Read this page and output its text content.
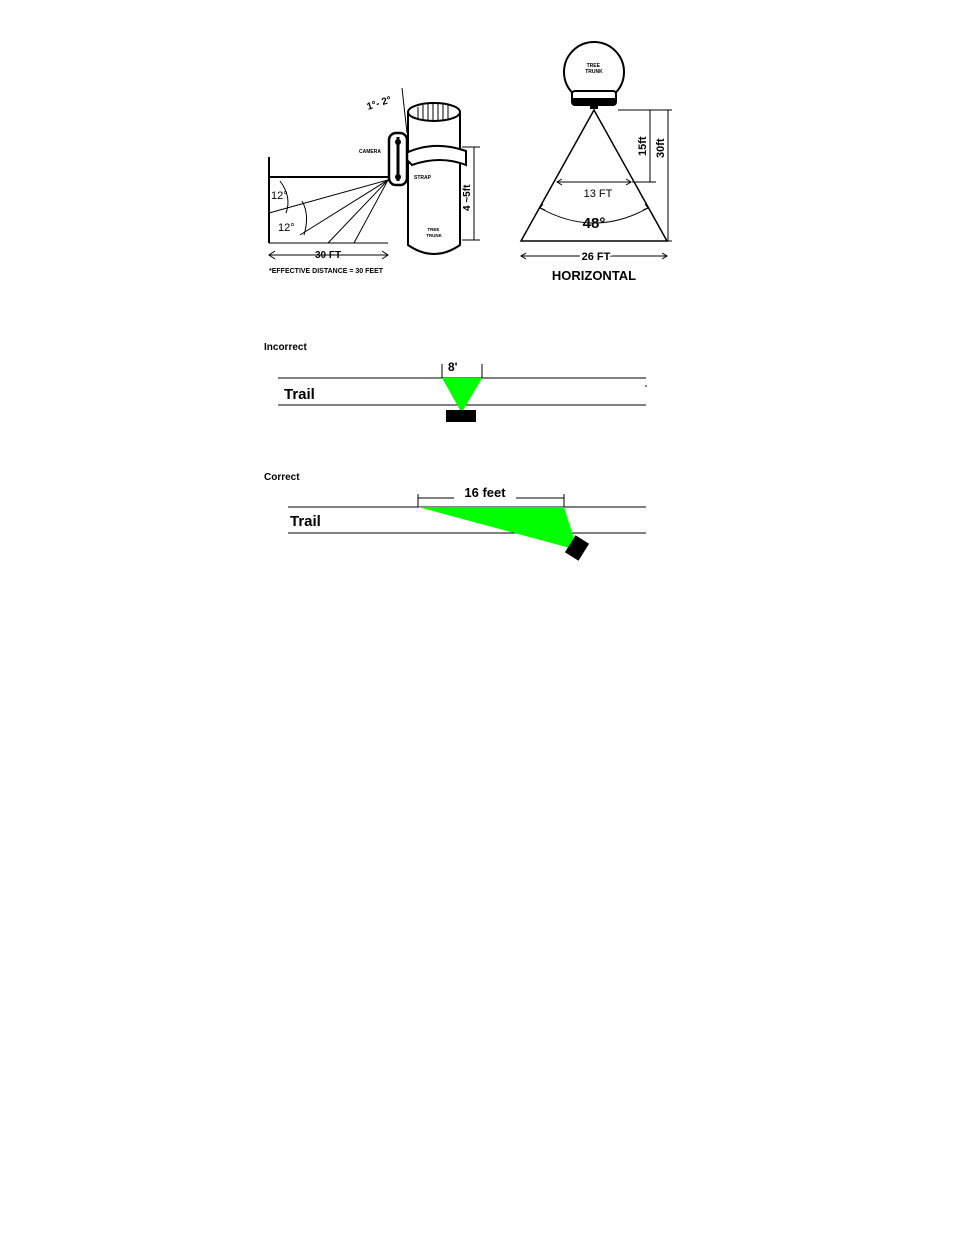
1°- 2°
CAMERA
STRAP
TREE TRUNK
12°
12°
4 ~5ft
30 FT
*EFFECTIVE DISTANCE = 30 FEET
TREE TRUNK
15ft 30ft
13 FT
48°
26 FT
HORIZONTAL
Incorrect
8'
Trail
Correct
16 feet
Trail
